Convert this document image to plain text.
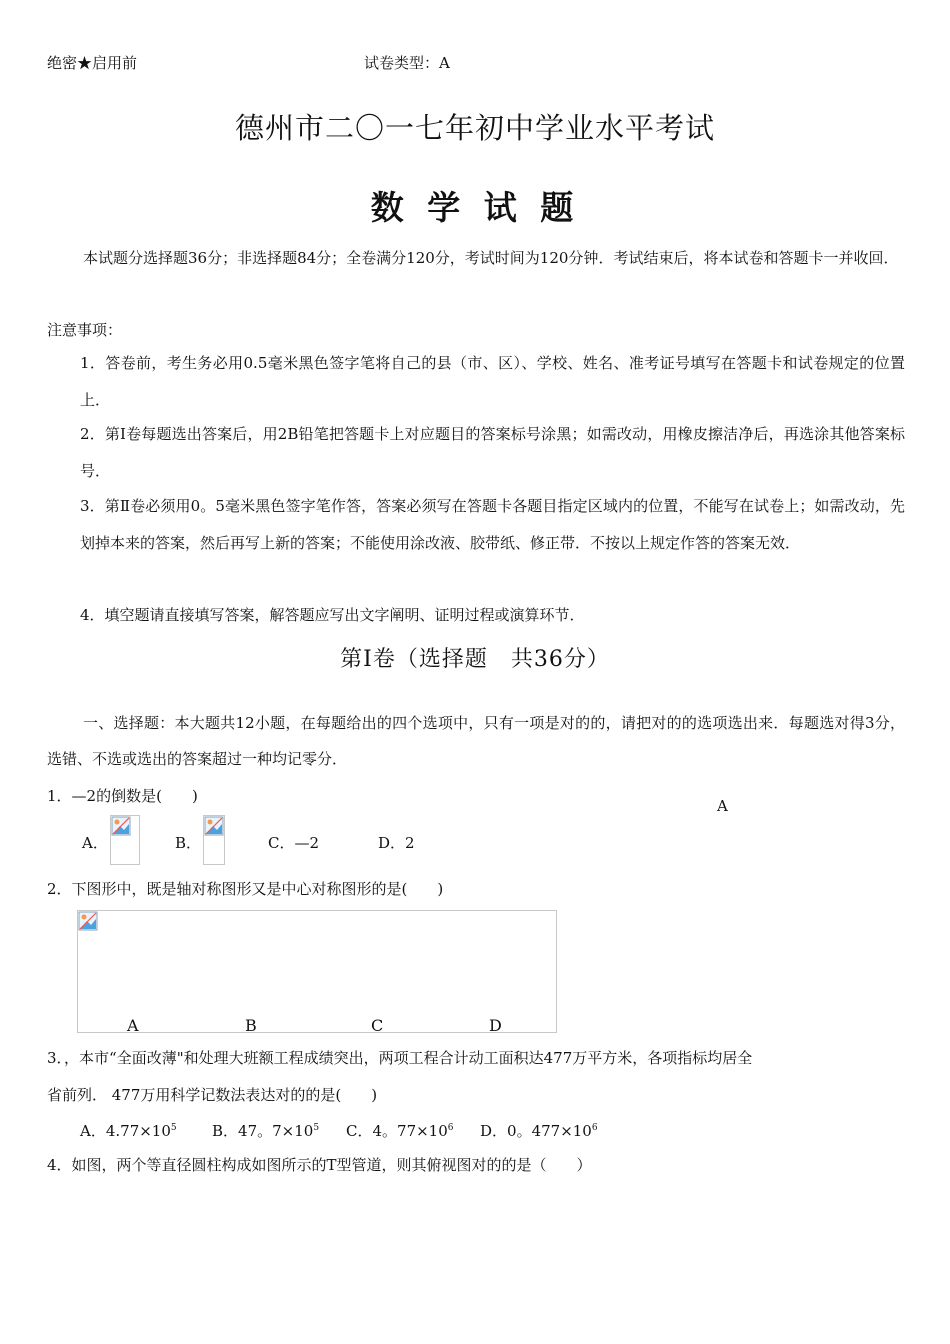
绝密★启用前	试卷类型：A
德州市二〇一七年初中学业水平考试
数 学 试 题
本试题分选择题36分；非选择题84分；全卷满分120分，考试时间为120分钟．考试结束后，将本试卷和答题卡一并收回．
注意事项：
1．答卷前，考生务必用0.5毫米黑色签字笔将自己的县（市、区）、学校、姓名、准考证号填写在答题卡和试卷规定的位置上．
2．第Ⅰ卷每题选出答案后，用2B铅笔把答题卡上对应题目的答案标号涂黑；如需改动，用橡皮擦洁净后，再选涂其他答案标号．
3．第Ⅱ卷必须用0。5毫米黑色签字笔作答，答案必须写在答题卡各题目指定区域内的位置，不能写在试卷上；如需改动，先划掉本来的答案，然后再写上新的答案；不能使用涂改液、胶带纸、修正带．不按以上规定作答的答案无效．
4．填空题请直接填写答案，解答题应写出文字阐明、证明过程或演算环节．
第Ⅰ卷（选择题　共36分）
一、选择题：本大题共12小题，在每题给出的四个选项中，只有一项是对的的，请把对的的选项选出来．每题选对得3分，选错、不选或选出的答案超过一种均记零分．
1．—2的倒数是(　　)
A
A．	B．	C．—2	D．2
2．下图形中，既是轴对称图形又是中心对称图形的是(　　)
A	B	C	D
3．，本市“全面改薄"和处理大班额工程成绩突出，两项工程合计动工面积达477万平方米，各项指标均居全
省前列． 477万用科学记数法表达对的的是(　　)
A．$4.77\times 10^5$ B．47。$7\times 10^5$ C．4。$77\times 10^6$ D．0。$477\times 10^6$
4．如图，两个等直径圆柱构成如图所示的T型管道，则其俯视图对的的是（　　）
